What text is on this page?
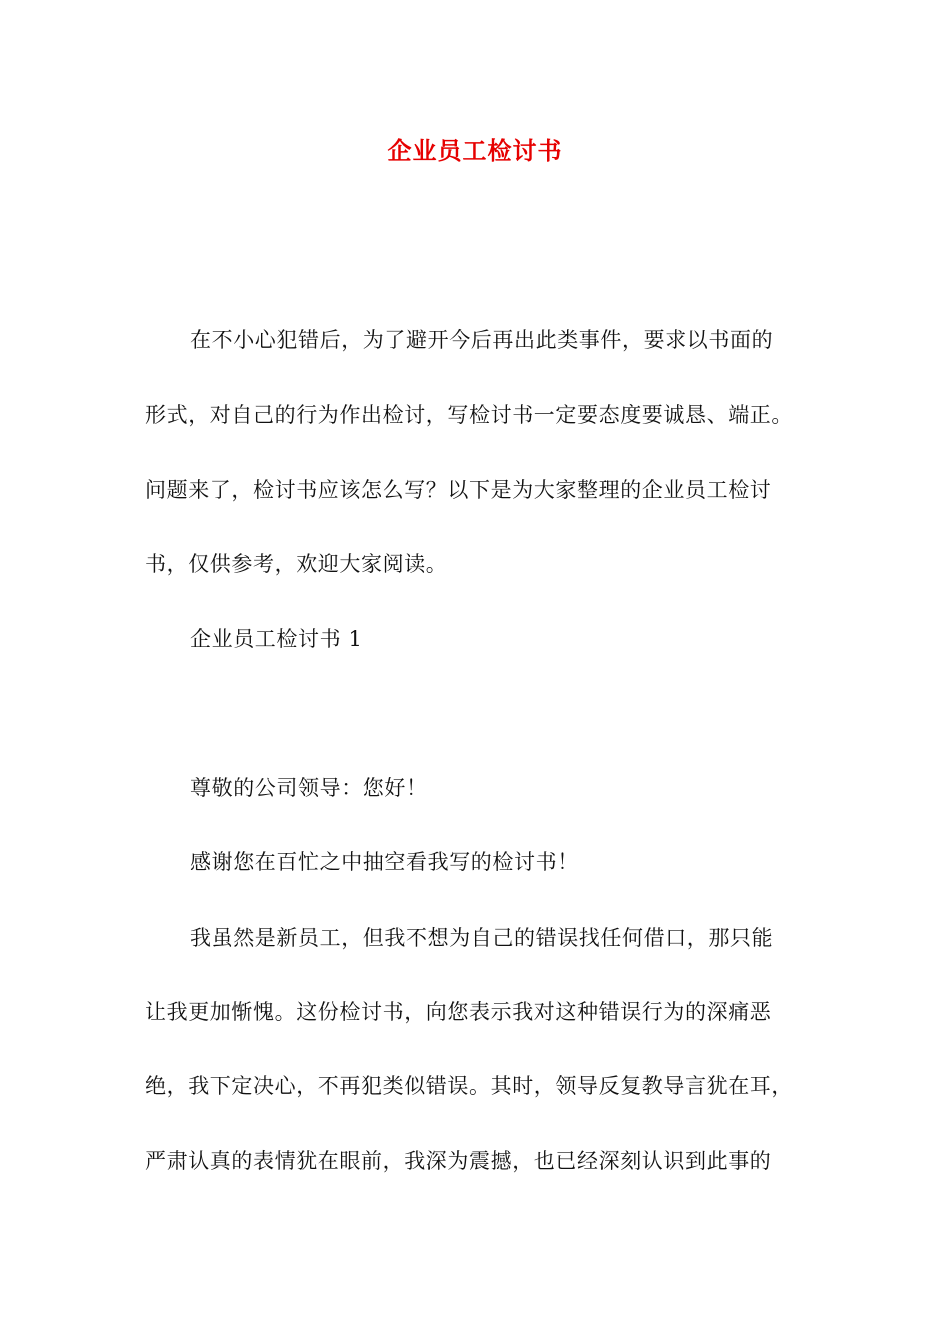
企业员工检讨书
在不小心犯错后，为了避开今后再出此类事件，要求以书面的
形式，对自己的行为作出检讨，写检讨书一定要态度要诚恳、端正。
问题来了，检讨书应该怎么写？以下是为大家整理的企业员工检讨
书，仅供参考，欢迎大家阅读。
企业员工检讨书 1
尊敬的公司领导：您好！
感谢您在百忙之中抽空看我写的检讨书！
我虽然是新员工，但我不想为自己的错误找任何借口，那只能
让我更加惭愧。这份检讨书，向您表示我对这种错误行为的深痛恶
绝，我下定决心，不再犯类似错误。其时，领导反复教导言犹在耳，
严肃认真的表情犹在眼前，我深为震撼，也已经深刻认识到此事的
